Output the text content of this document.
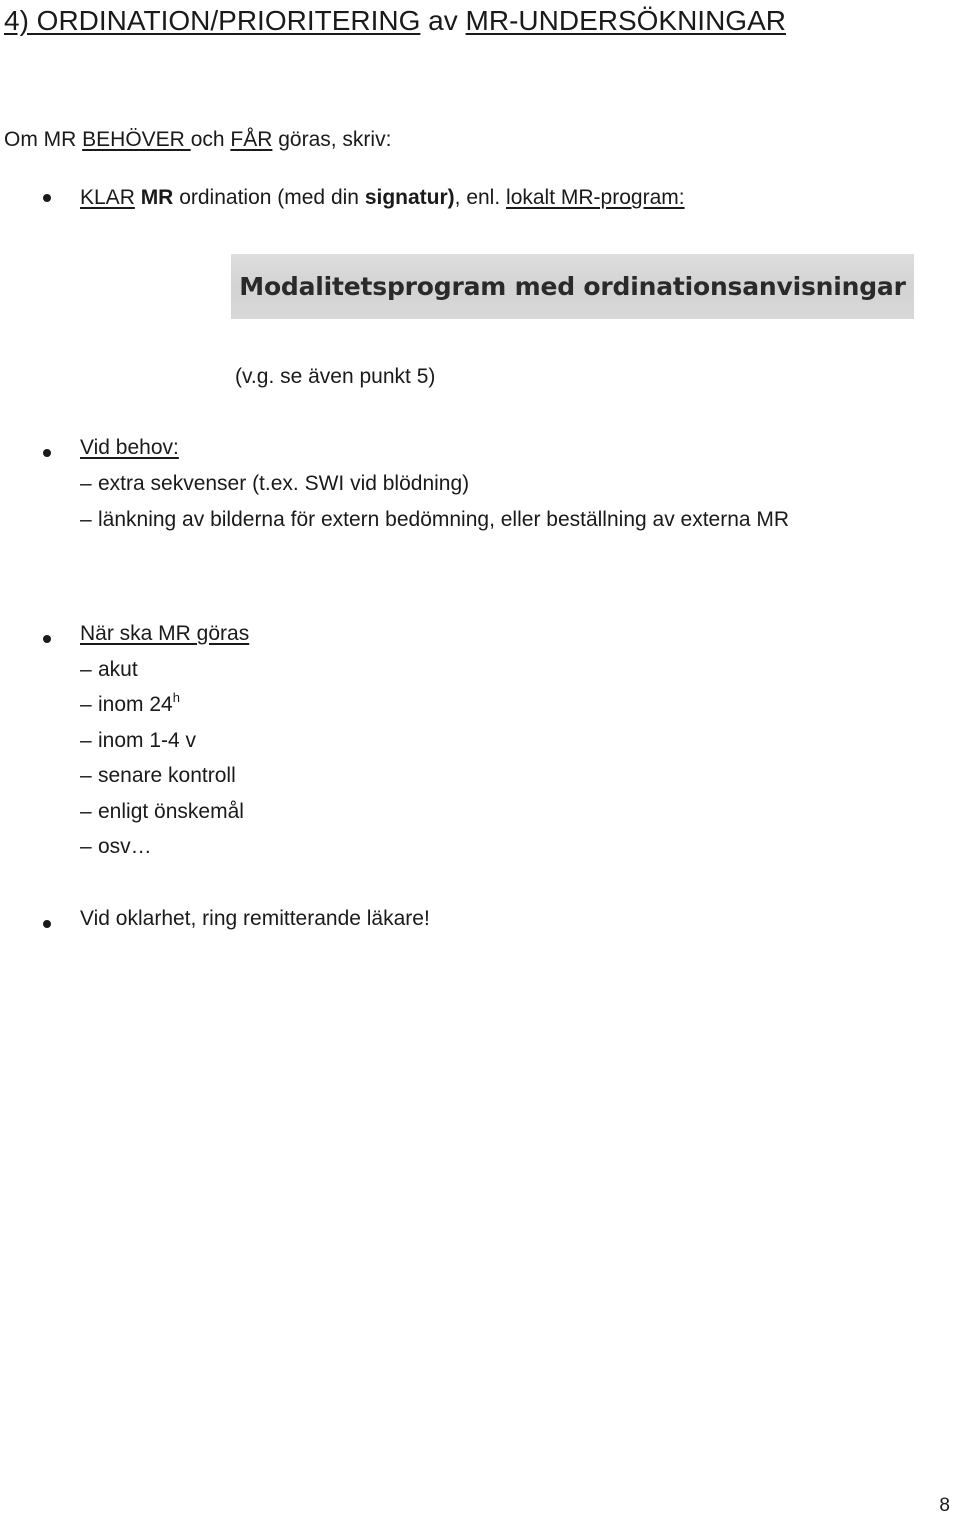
4) ORDINATION/PRIORITERING av MR-UNDERSÖKNINGAR
Om MR BEHÖVER och FÅR göras, skriv:
KLAR MR ordination (med din signatur), enl. lokalt MR-program:
Modalitetsprogram med ordinationsanvisningar
(v.g. se även punkt 5)
Vid behov:
– extra sekvenser (t.ex. SWI vid blödning)
– länkning av bilderna för extern bedömning, eller beställning av externa MR
När ska MR göras
– akut
– inom 24$^h$
– inom 1-4 v
– senare kontroll
– enligt önskemål
– osv…
Vid oklarhet, ring remitterande läkare!
8
